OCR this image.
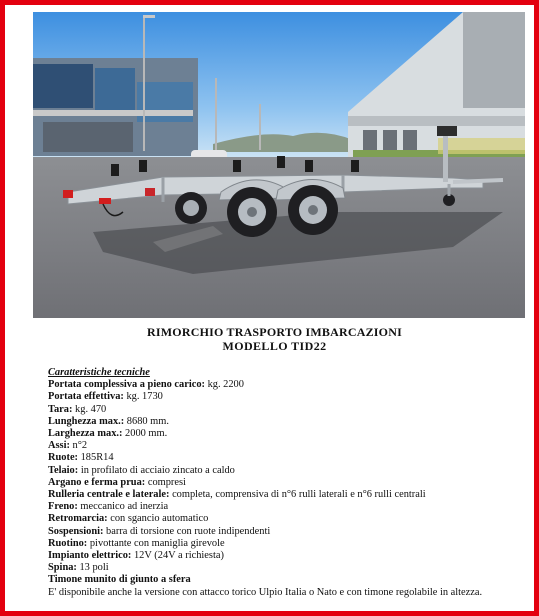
RIMORCHIO TRASPORTO IMBARCAZIONI
MODELLO TID22
Caratteristiche tecniche
Portata complessiva a pieno carico: kg. 2200
Portata effettiva: kg. 1730
Tara: kg. 470
Lunghezza max.: 8680 mm.
Larghezza max.: 2000 mm.
Assi: n°2
Ruote: 185R14
Telaio: in profilato di acciaio zincato a caldo
Argano e ferma prua: compresi
Rulleria centrale e laterale: completa, comprensiva di n°6 rulli laterali e n°6 rulli centrali
Freno: meccanico ad inerzia
Retromarcia: con sgancio automatico
Sospensioni: barra di torsione con ruote indipendenti
Ruotino: pivottante con maniglia girevole
Impianto elettrico: 12V (24V a richiesta)
Spina: 13 poli
Timone munito di giunto a sfera
E' disponibile anche la versione con attacco torico Ulpio Italia o Nato e con timone regolabile in altezza.
